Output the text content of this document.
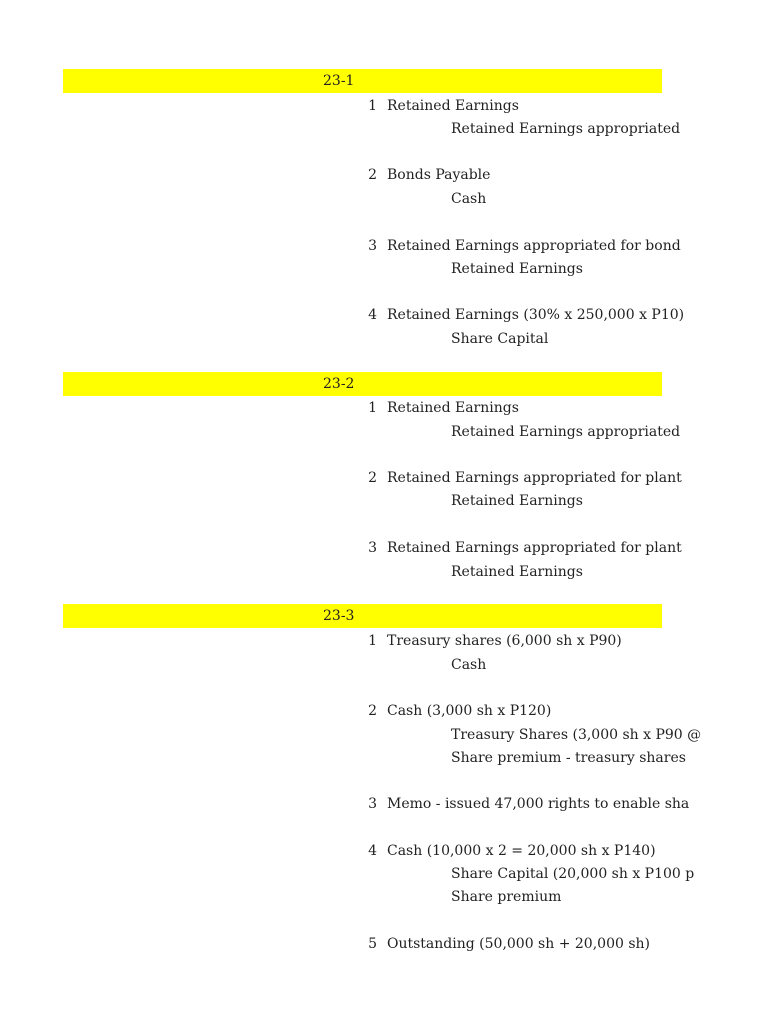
23-1
1 Retained Earnings
Retained Earnings appropriated
2 Bonds Payable
Cash
3 Retained Earnings appropriated for bond
Retained Earnings
4 Retained Earnings (30% x 250,000 x P10)
Share Capital
23-2
1 Retained Earnings
Retained Earnings appropriated
2 Retained Earnings appropriated for plant
Retained Earnings
3 Retained Earnings appropriated for plant
Retained Earnings
23-3
1 Treasury shares (6,000 sh x P90)
Cash
2 Cash (3,000 sh x P120)
Treasury Shares (3,000 sh x P90 @
Share premium - treasury shares
3 Memo - issued 47,000 rights to enable sha
4 Cash (10,000 x 2 = 20,000 sh x P140)
Share Capital (20,000 sh x P100 p
Share premium
5 Outstanding (50,000 sh + 20,000 sh)
